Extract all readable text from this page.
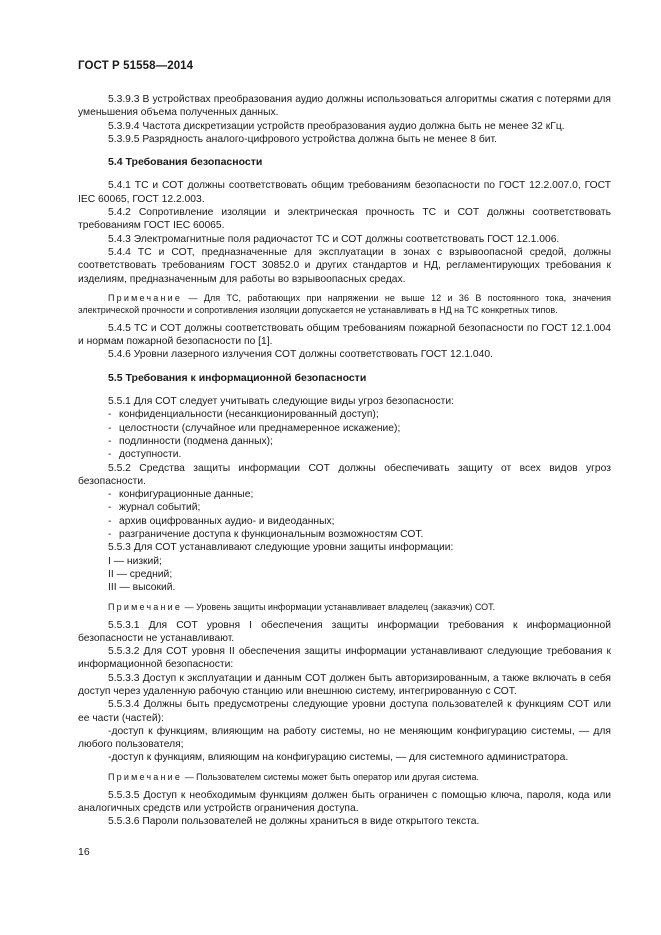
ГОСТ Р 51558—2014

5.3.9.3 В устройствах преобразования аудио должны использоваться алгоритмы сжатия с потерями для уменьшения объема полученных данных.

5.3.9.4 Частота дискретизации устройств преобразования аудио должна быть не менее 32 кГц.

5.3.9.5 Разрядность аналого-цифрового устройства должна быть не менее 8 бит.

5.4 Требования безопасности

5.4.1 ТС и СОТ должны соответствовать общим требованиям безопасности по ГОСТ 12.2.007.0, ГОСТ IEC 60065, ГОСТ 12.2.003.

5.4.2 Сопротивление изоляции и электрическая прочность ТС и СОТ должны соответствовать требованиям ГОСТ IEC 60065.

5.4.3 Электромагнитные поля радиочастот ТС и СОТ должны соответствовать ГОСТ 12.1.006.

5.4.4 ТС и СОТ, предназначенные для эксплуатации в зонах с взрывоопасной средой, должны соответствовать требованиям ГОСТ 30852.0 и других стандартов и НД, регламентирующих требования к изделиям, предназначенным для работы во взрывоопасных средах.

Примечание — Для ТС, работающих при напряжении не выше 12 и 36 В постоянного тока, значения электрической прочности и сопротивления изоляции допускается не устанавливать в НД на ТС конкретных типов.

5.4.5 ТС и СОТ должны соответствовать общим требованиям пожарной безопасности по ГОСТ 12.1.004 и нормам пожарной безопасности по [1].

5.4.6 Уровни лазерного излучения СОТ должны соответствовать ГОСТ 12.1.040.

5.5 Требования к информационной безопасности

5.5.1 Для СОТ следует учитывать следующие виды угроз безопасности:

- конфиденциальности (несанкционированный доступ);

- целостности (случайное или преднамеренное искажение);

- подлинности (подмена данных);

- доступности.

5.5.2 Средства защиты информации СОТ должны обеспечивать защиту от всех видов угроз безопасности.

- конфигурационные данные;

- журнал событий;

- архив оцифрованных аудио- и видеоданных;

- разграничение доступа к функциональным возможностям СОТ.

5.5.3 Для СОТ устанавливают следующие уровни защиты информации:

I — низкий;

II — средний;

III — высокий.

Примечание — Уровень защиты информации устанавливает владелец (заказчик) СОТ.

5.5.3.1 Для СОТ уровня I обеспечения защиты информации требования к информационной безопасности не устанавливают.

5.5.3.2 Для СОТ уровня II обеспечения защиты информации устанавливают следующие требования к информационной безопасности:

5.5.3.3 Доступ к эксплуатации и данным СОТ должен быть авторизированным, а также включать в себя доступ через удаленную рабочую станцию или внешнюю систему, интегрированную с СОТ.

5.5.3.4 Должны быть предусмотрены следующие уровни доступа пользователей к функциям СОТ или ее части (частей):

-доступ к функциям, влияющим на работу системы, но не меняющим конфигурацию системы, — для любого пользователя;

-доступ к функциям, влияющим на конфигурацию системы, — для системного администратора.

Примечание — Пользователем системы может быть оператор или другая система.

5.5.3.5 Доступ к необходимым функциям должен быть ограничен с помощью ключа, пароля, кода или аналогичных средств или устройств ограничения доступа.

5.5.3.6 Пароли пользователей не должны храниться в виде открытого текста.

16
